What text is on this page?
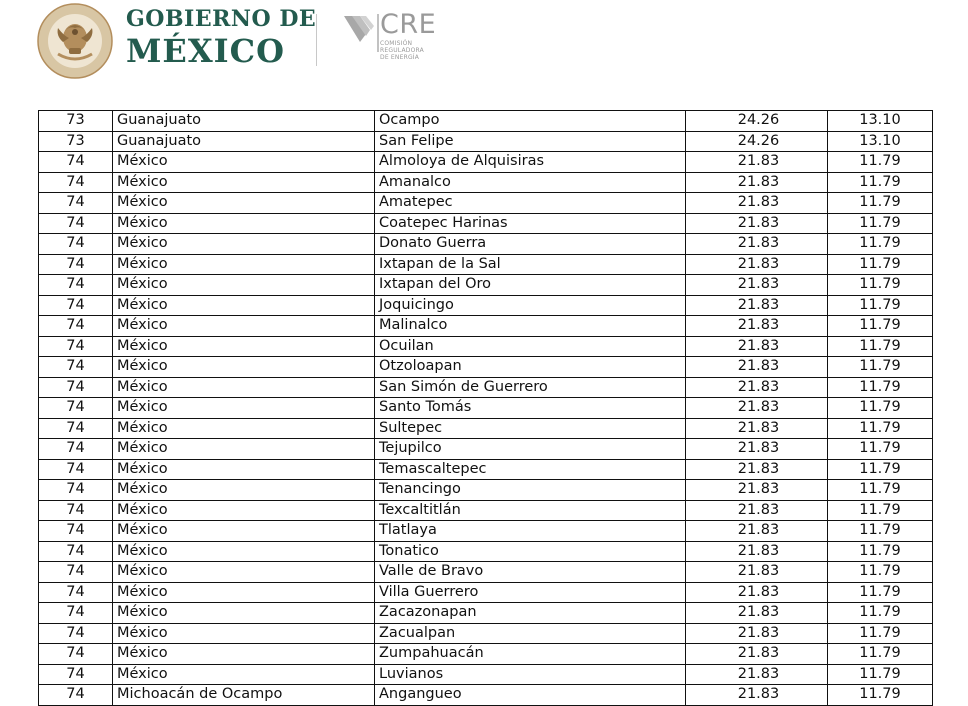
GOBIERNO DE
MÉXICO
CRE
COMISIÓN
REGULADORA
DE ENERGÍA
73	Guanajuato	Ocampo	24.26	13.10
73	Guanajuato	San Felipe	24.26	13.10
74	México	Almoloya de Alquisiras	21.83	11.79
74	México	Amanalco	21.83	11.79
74	México	Amatepec	21.83	11.79
74	México	Coatepec Harinas	21.83	11.79
74	México	Donato Guerra	21.83	11.79
74	México	Ixtapan de la Sal	21.83	11.79
74	México	Ixtapan del Oro	21.83	11.79
74	México	Joquicingo	21.83	11.79
74	México	Malinalco	21.83	11.79
74	México	Ocuilan	21.83	11.79
74	México	Otzoloapan	21.83	11.79
74	México	San Simón de Guerrero	21.83	11.79
74	México	Santo Tomás	21.83	11.79
74	México	Sultepec	21.83	11.79
74	México	Tejupilco	21.83	11.79
74	México	Temascaltepec	21.83	11.79
74	México	Tenancingo	21.83	11.79
74	México	Texcaltitlán	21.83	11.79
74	México	Tlatlaya	21.83	11.79
74	México	Tonatico	21.83	11.79
74	México	Valle de Bravo	21.83	11.79
74	México	Villa Guerrero	21.83	11.79
74	México	Zacazonapan	21.83	11.79
74	México	Zacualpan	21.83	11.79
74	México	Zumpahuacán	21.83	11.79
74	México	Luvianos	21.83	11.79
74	Michoacán de Ocampo	Angangueo	21.83	11.79
